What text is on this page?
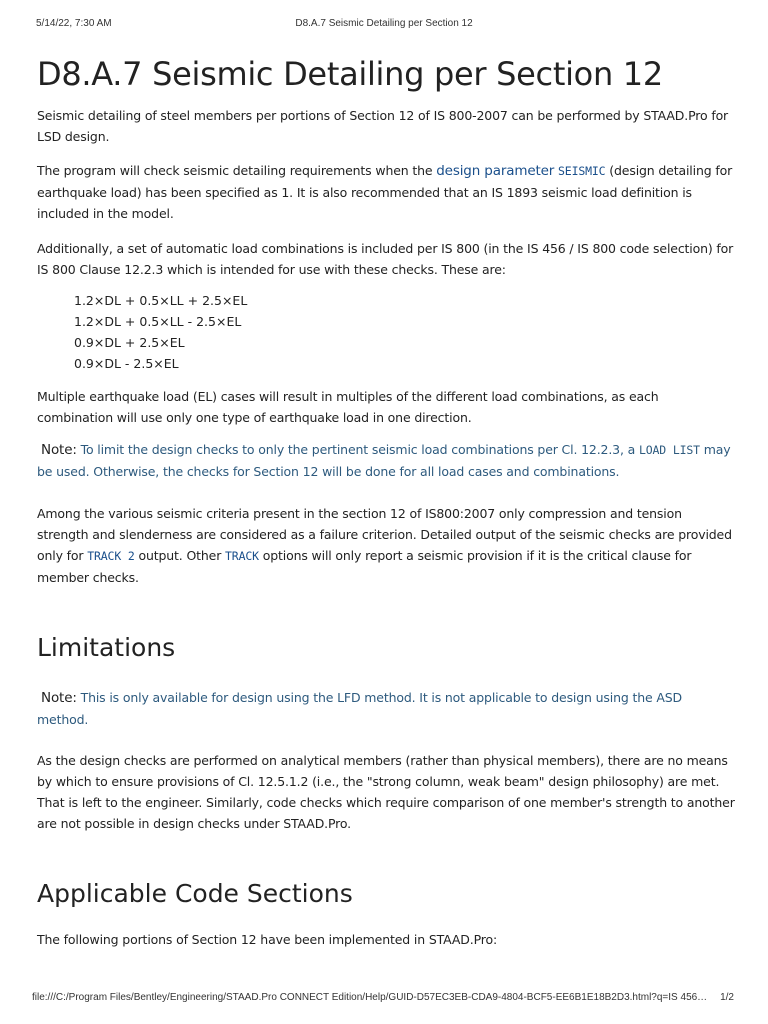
5/14/22, 7:30 AM	D8.A.7 Seismic Detailing per Section 12
D8.A.7 Seismic Detailing per Section 12

Seismic detailing of steel members per portions of Section 12 of IS 800-2007 can be performed by STAAD.Pro for LSD design.

The program will check seismic detailing requirements when the design parameter SEISMIC (design detailing for earthquake load) has been specified as 1. It is also recommended that an IS 1893 seismic load definition is included in the model.

Additionally, a set of automatic load combinations is included per IS 800 (in the IS 456 / IS 800 code selection) for IS 800 Clause 12.2.3 which is intended for use with these checks. These are:

1.2×DL + 0.5×LL + 2.5×EL
1.2×DL + 0.5×LL - 2.5×EL
0.9×DL + 2.5×EL
0.9×DL - 2.5×EL

Multiple earthquake load (EL) cases will result in multiples of the different load combinations, as each combination will use only one type of earthquake load in one direction.

Note: To limit the design checks to only the pertinent seismic load combinations per Cl. 12.2.3, a LOAD LIST may be used. Otherwise, the checks for Section 12 will be done for all load cases and combinations.

Among the various seismic criteria present in the section 12 of IS800:2007 only compression and tension strength and slenderness are considered as a failure criterion. Detailed output of the seismic checks are provided only for TRACK 2 output. Other TRACK options will only report a seismic provision if it is the critical clause for member checks.

Limitations
Note: This is only available for design using the LFD method. It is not applicable to design using the ASD method.

As the design checks are performed on analytical members (rather than physical members), there are no means by which to ensure provisions of Cl. 12.5.1.2 (i.e., the "strong column, weak beam" design philosophy) are met. That is left to the engineer. Similarly, code checks which require comparison of one member's strength to another are not possible in design checks under STAAD.Pro.

Applicable Code Sections

The following portions of Section 12 have been implemented in STAAD.Pro:

file:///C:/Program Files/Bentley/Engineering/STAAD.Pro CONNECT Edition/Help/GUID-D57EC3EB-CDA9-4804-BCF5-EE6B1E18B2D3.html?q=IS 456… 1/2
